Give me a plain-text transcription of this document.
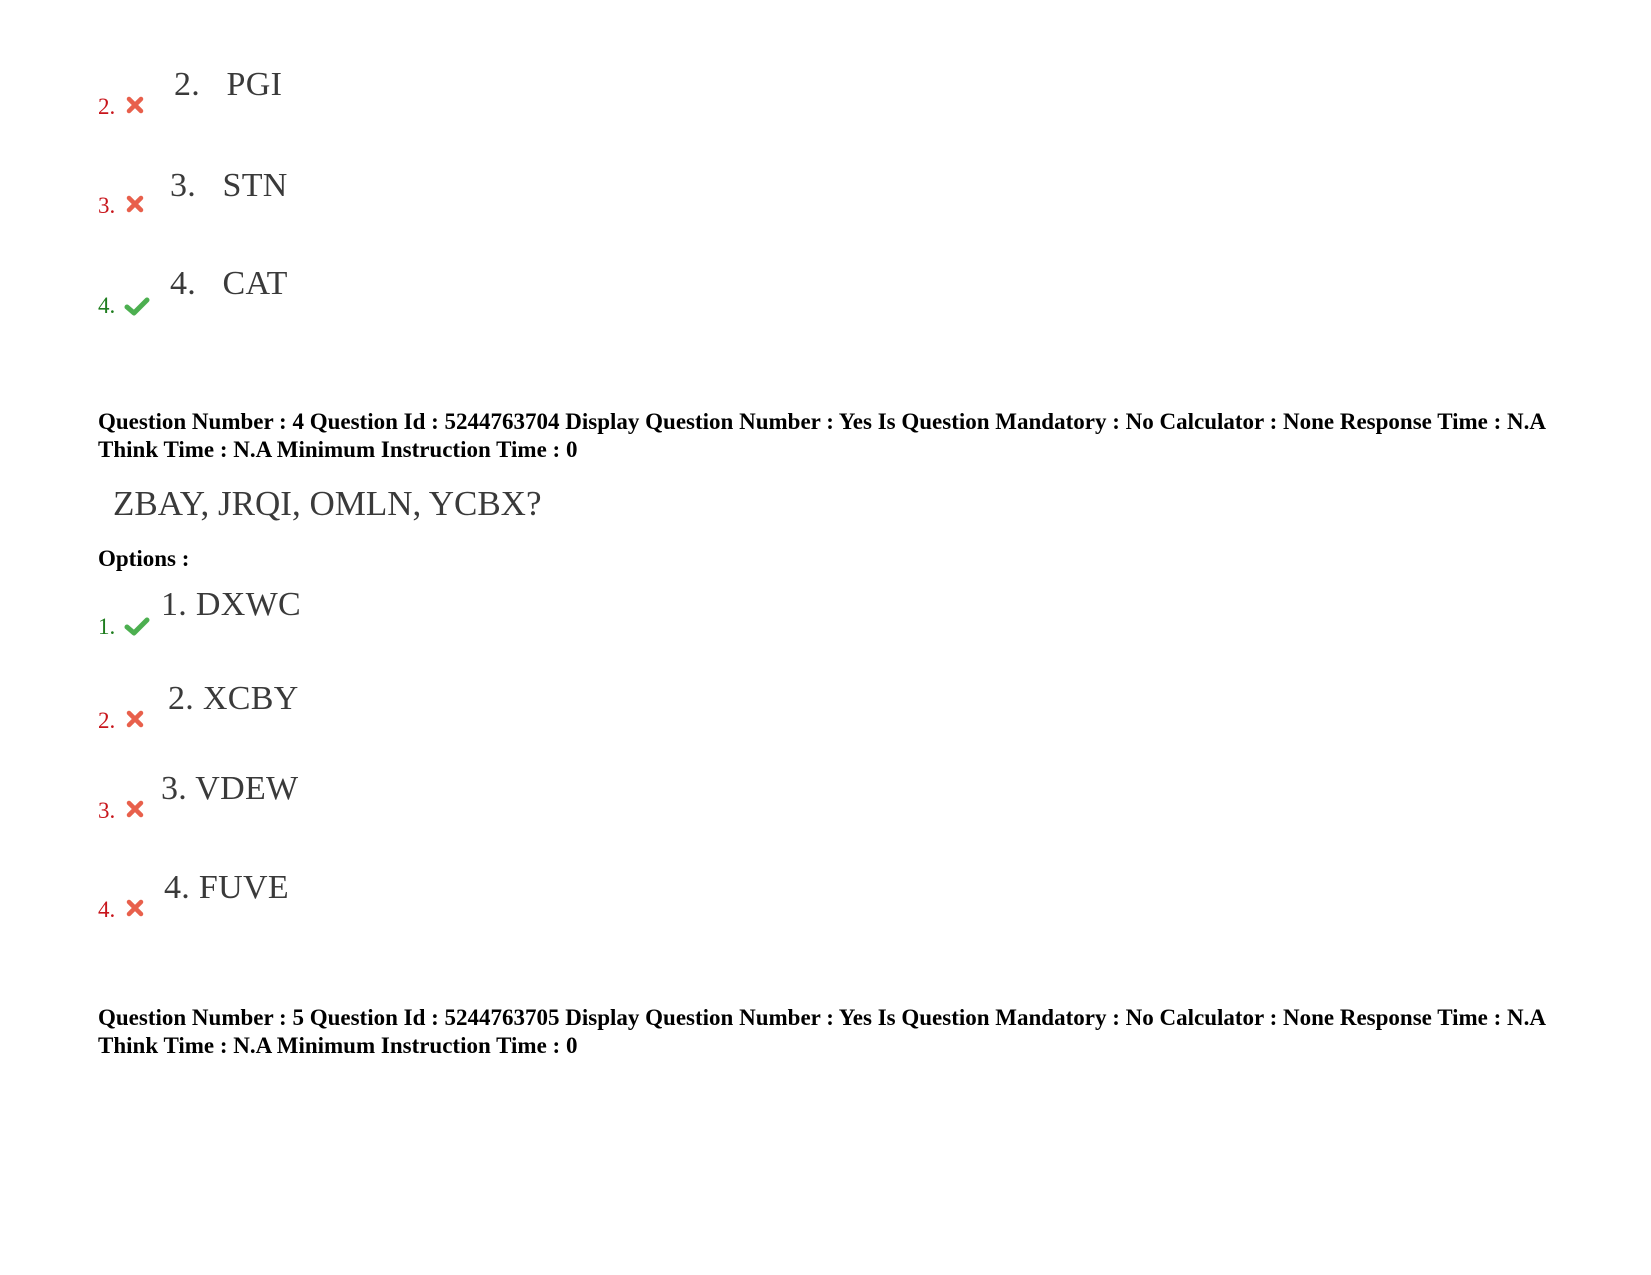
2.
2.   PGI
3.
3.   STN
4.
4.   CAT
Question Number : 4 Question Id : 5244763704 Display Question Number : Yes Is Question Mandatory : No Calculator : None Response Time : N.A Think Time : N.A Minimum Instruction Time : 0
ZBAY, JRQI, OMLN, YCBX?
Options :
1.
1. DXWC
2.
2. XCBY
3.
3. VDEW
4.
4. FUVE
Question Number : 5 Question Id : 5244763705 Display Question Number : Yes Is Question Mandatory : No Calculator : None Response Time : N.A Think Time : N.A Minimum Instruction Time : 0
